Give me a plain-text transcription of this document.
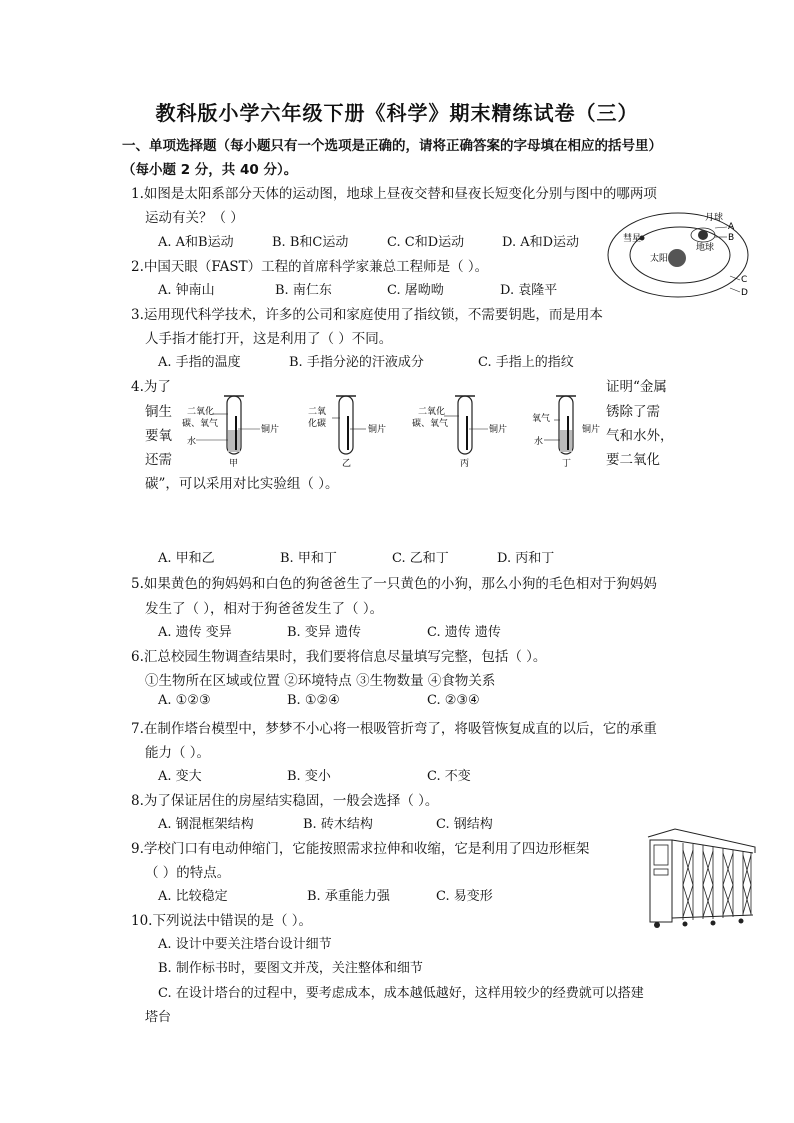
教科版小学六年级下册《科学》期末精练试卷（三）
一、单项选择题（每小题只有一个选项是正确的，请将正确答案的字母填在相应的括号里）
（每小题 2 分，共 40 分）。
1.如图是太阳系部分天体的运动图，地球上昼夜交替和昼夜长短变化分别与图中的哪两项
运动有关？（ ）
A. A和B运动	B. B和C运动	C. C和D运动	D. A和D运动
月球
彗星
太阳
地球
A
B
C
D
2.中国天眼（FAST）工程的首席科学家兼总工程师是（ ）。
A. 钟南山	B. 南仁东	C. 屠呦呦	D. 袁隆平
3.运用现代科学技术，许多的公司和家庭使用了指纹锁，不需要钥匙，而是用本
人手指才能打开，这是利用了（ ）不同。
A. 手指的温度	B. 手指分泌的汗液成分	C. 手指上的指纹
4.为了
铜生
要氧
还需
证明“金属
锈除了需
气和水外，
要二氧化
碳”，可以采用对比实验组（ ）。
二氧化
碳、氧气
水
铜片
甲
二氧
化碳
铜片
乙
二氧化
碳、氧气
铜片
丙
氧气
水
铜片
丁
A. 甲和乙	B. 甲和丁	C. 乙和丁	D. 丙和丁
5.如果黄色的狗妈妈和白色的狗爸爸生了一只黄色的小狗，那么小狗的毛色相对于狗妈妈
发生了（ ），相对于狗爸爸发生了（ ）。
A. 遗传 变异	B. 变异 遗传	C. 遗传 遗传
6.汇总校园生物调查结果时，我们要将信息尽量填写完整，包括（ ）。
①生物所在区域或位置 ②环境特点 ③生物数量 ④食物关系
A. ①②③	B. ①②④	C. ②③④
7.在制作塔台模型中，梦梦不小心将一根吸管折弯了，将吸管恢复成直的以后，它的承重
能力（ ）。
A. 变大	B. 变小	C. 不变
8.为了保证居住的房屋结实稳固，一般会选择（ ）。
A. 钢混框架结构	B. 砖木结构	C. 钢结构
9.学校门口有电动伸缩门，它能按照需求拉伸和收缩，它是利用了四边形框架
（ ）的特点。
A. 比较稳定	B. 承重能力强	C. 易变形
10.下列说法中错误的是（ ）。
A. 设计中要关注塔台设计细节
B. 制作标书时，要图文并茂，关注整体和细节
C. 在设计塔台的过程中，要考虑成本，成本越低越好，这样用较少的经费就可以搭建
塔台
